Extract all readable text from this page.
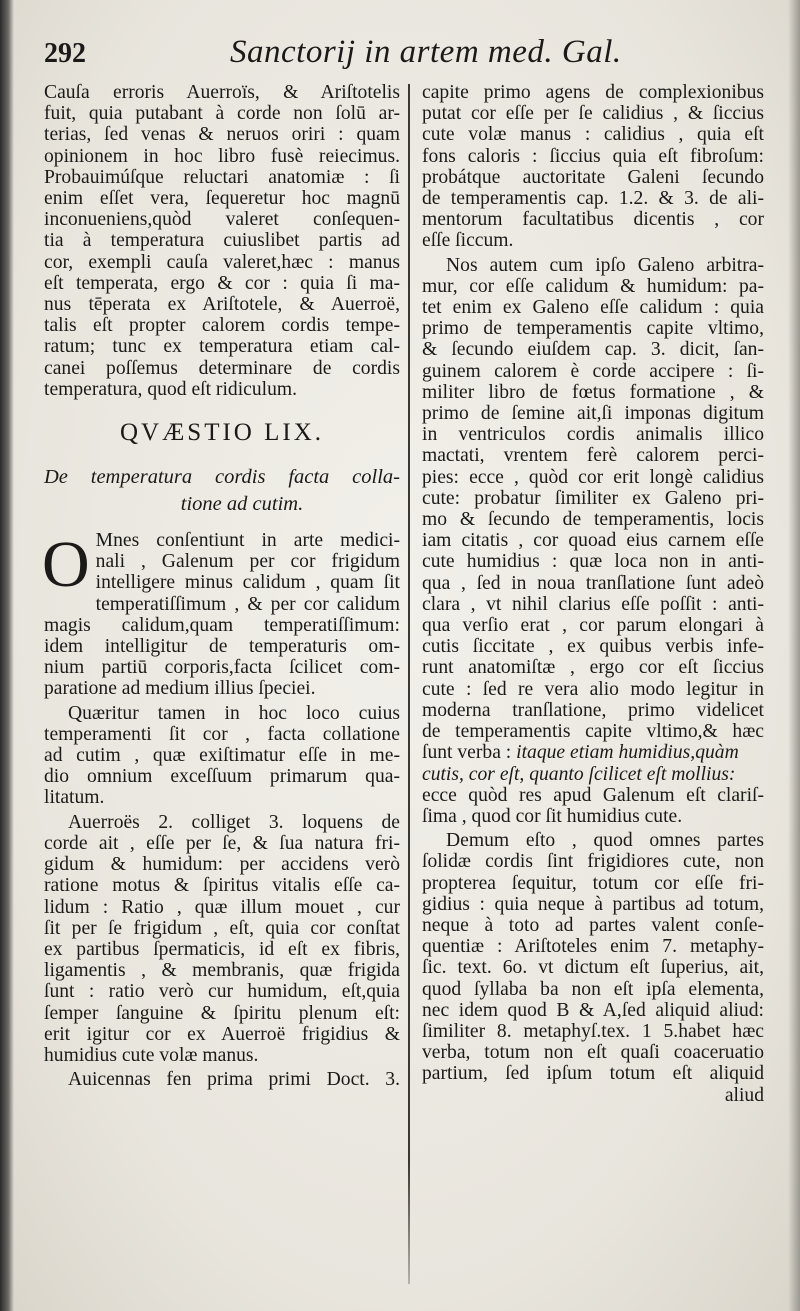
292	Sanctorij in artem med. Gal.
Cauſa erroris Auerroïs, & Ariſtotelis
fuit, quia putabant à corde non ſolū ar-
terias, ſed venas & neruos oriri : quam
opinionem in hoc libro fusè reiecimus.
Probauimúſque reluctari anatomiæ : ſi
enim eſſet vera, ſequeretur hoc magnū
inconueniens,quòd valeret conſequen-
tia à temperatura cuiuslibet partis ad
cor, exempli cauſa valeret,hæc : manus
eſt temperata, ergo & cor : quia ſi ma-
nus tēperata ex Ariſtotele, & Auerroë,
talis eſt propter calorem cordis tempe-
ratum; tunc ex temperatura etiam cal-
canei poſſemus determinare de cordis
temperatura, quod eſt ridiculum.
QVÆSTIO LIX.
De temperatura cordis facta colla-
tione ad cutim.
O Mnes conſentiunt in arte medici-
nali , Galenum per cor frigidum
intelligere minus calidum , quam ſit
temperatiſſimum , & per cor calidum
magis calidum,quam temperatiſſimum:
idem intelligitur de temperaturis om-
nium partiū corporis,facta ſcilicet com-
paratione ad medium illius ſpeciei.
Quæritur tamen in hoc loco cuius
temperamenti ſit cor , facta collatione
ad cutim , quæ exiſtimatur eſſe in me-
dio omnium exceſſuum primarum qua-
litatum.
Auerroës 2. colliget 3. loquens de
corde ait , eſſe per ſe, & ſua natura fri-
gidum & humidum: per accidens verò
ratione motus & ſpiritus vitalis eſſe ca-
lidum : Ratio , quæ illum mouet , cur
ſit per ſe frigidum , eſt, quia cor conſtat
ex partibus ſpermaticis, id eſt ex fibris,
ligamentis , & membranis, quæ frigida
ſunt : ratio verò cur humidum, eſt,quia
ſemper ſanguine & ſpiritu plenum eſt:
erit igitur cor ex Auerroë frigidius &
humidius cute volæ manus.
Auicennas fen prima primi Doct. 3.
capite primo agens de complexionibus
putat cor eſſe per ſe calidius , & ſiccius
cute volæ manus : calidius , quia eſt
fons caloris : ſiccius quia eſt fibroſum:
probátque auctoritate Galeni ſecundo
de temperamentis cap. 1.2. & 3. de ali-
mentorum facultatibus dicentis , cor
eſſe ſiccum.
Nos autem cum ipſo Galeno arbitra-
mur, cor eſſe calidum & humidum: pa-
tet enim ex Galeno eſſe calidum : quia
primo de temperamentis capite vltimo,
& ſecundo eiuſdem cap. 3. dicit, ſan-
guinem calorem è corde accipere : ſi-
militer libro de fœtus formatione , &
primo de ſemine ait,ſi imponas digitum
in ventriculos cordis animalis illico
mactati, vrentem ferè calorem perci-
pies: ecce , quòd cor erit longè calidius
cute: probatur ſimiliter ex Galeno pri-
mo & ſecundo de temperamentis, locis
iam citatis , cor quoad eius carnem eſſe
cute humidius : quæ loca non in anti-
qua , ſed in noua tranſlatione ſunt adeò
clara , vt nihil clarius eſſe poſſit : anti-
qua verſio erat , cor parum elongari à
cutis ſiccitate , ex quibus verbis infe-
runt anatomiſtæ , ergo cor eſt ſiccius
cute : ſed re vera alio modo legitur in
moderna tranſlatione, primo videlicet
de temperamentis capite vltimo,& hæc
ſunt verba : itaque etiam humidius,quàm
cutis, cor eſt, quanto ſcilicet eſt mollius:
ecce quòd res apud Galenum eſt clariſ-
ſima , quod cor ſit humidius cute.
Demum eſto , quod omnes partes
ſolidæ cordis ſint frigidiores cute, non
propterea ſequitur, totum cor eſſe fri-
gidius : quia neque à partibus ad totum,
neque à toto ad partes valent conſe-
quentiæ : Ariſtoteles enim 7. metaphy-
ſic. text. 6o. vt dictum eſt ſuperius, ait,
quod ſyllaba ba non eſt ipſa elementa,
nec idem quod B & A,ſed aliquid aliud:
ſimiliter 8. metaphyſ.tex. 1 5.habet hæc
verba, totum non eſt quaſi coaceruatio
partium, ſed ipſum totum eſt aliquid
aliud
